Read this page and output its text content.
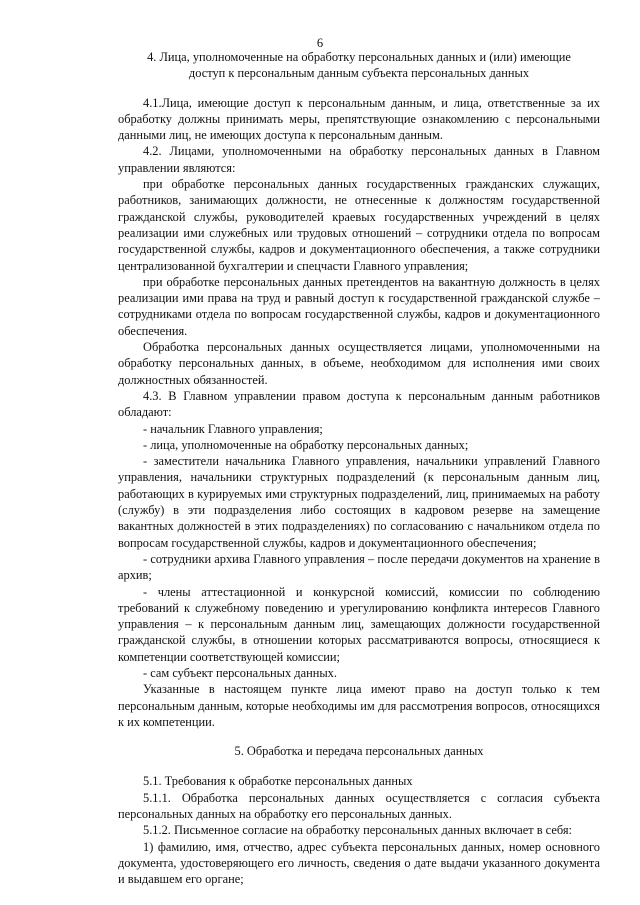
6
4. Лица, уполномоченные на обработку персональных данных и (или) имеющие
доступ к персональным данным субъекта персональных данных

4.1.Лица, имеющие доступ к персональным данным, и лица, ответственные за их обработку должны принимать меры, препятствующие ознакомлению с персональными данными лиц, не имеющих доступа к персональным данным.

4.2. Лицами, уполномоченными на обработку персональных данных в Главном управлении являются:

при обработке персональных данных государственных гражданских служащих, работников, занимающих должности, не отнесенные к должностям государственной гражданской службы, руководителей краевых государственных учреждений в целях реализации ими служебных или трудовых отношений – сотрудники отдела по вопросам государственной службы, кадров и документационного обеспечения, а также сотрудники централизованной бухгалтерии и спецчасти Главного управления;

при обработке персональных данных претендентов на вакантную должность в целях реализации ими права на труд и равный доступ к государственной гражданской службе – сотрудниками отдела по вопросам государственной службы, кадров и документационного обеспечения.

Обработка персональных данных осуществляется лицами, уполномоченными на обработку персональных данных, в объеме, необходимом для исполнения ими своих должностных обязанностей.

4.3. В Главном управлении правом доступа к персональным данным работников обладают:

- начальник Главного управления;

- лица, уполномоченные на обработку персональных данных;

- заместители начальника Главного управления, начальники управлений Главного управления, начальники структурных подразделений (к персональным данным лиц, работающих в курируемых ими структурных подразделений, лиц, принимаемых на работу (службу) в эти подразделения либо состоящих в кадровом резерве на замещение вакантных должностей в этих подразделениях) по согласованию с начальником отдела по вопросам государственной службы, кадров и документационного обеспечения;

- сотрудники архива Главного управления – после передачи документов на хранение в архив;

- члены аттестационной и конкурсной комиссий, комиссии по соблюдению требований к служебному поведению и урегулированию конфликта интересов Главного управления – к персональным данным лиц, замещающих должности государственной гражданской службы, в отношении которых рассматриваются вопросы, относящиеся к компетенции соответствующей комиссии;

- сам субъект персональных данных.

Указанные в настоящем пункте лица имеют право на доступ только к тем персональным данным, которые необходимы им для рассмотрения вопросов, относящихся к их компетенции.

5. Обработка и передача персональных данных

5.1. Требования к обработке персональных данных

5.1.1. Обработка персональных данных осуществляется с согласия субъекта персональных данных на обработку его персональных данных.

5.1.2. Письменное согласие на обработку персональных данных включает в себя:

1) фамилию, имя, отчество, адрес субъекта персональных данных, номер основного документа, удостоверяющего его личность, сведения о дате выдачи указанного документа и выдавшем его органе;
